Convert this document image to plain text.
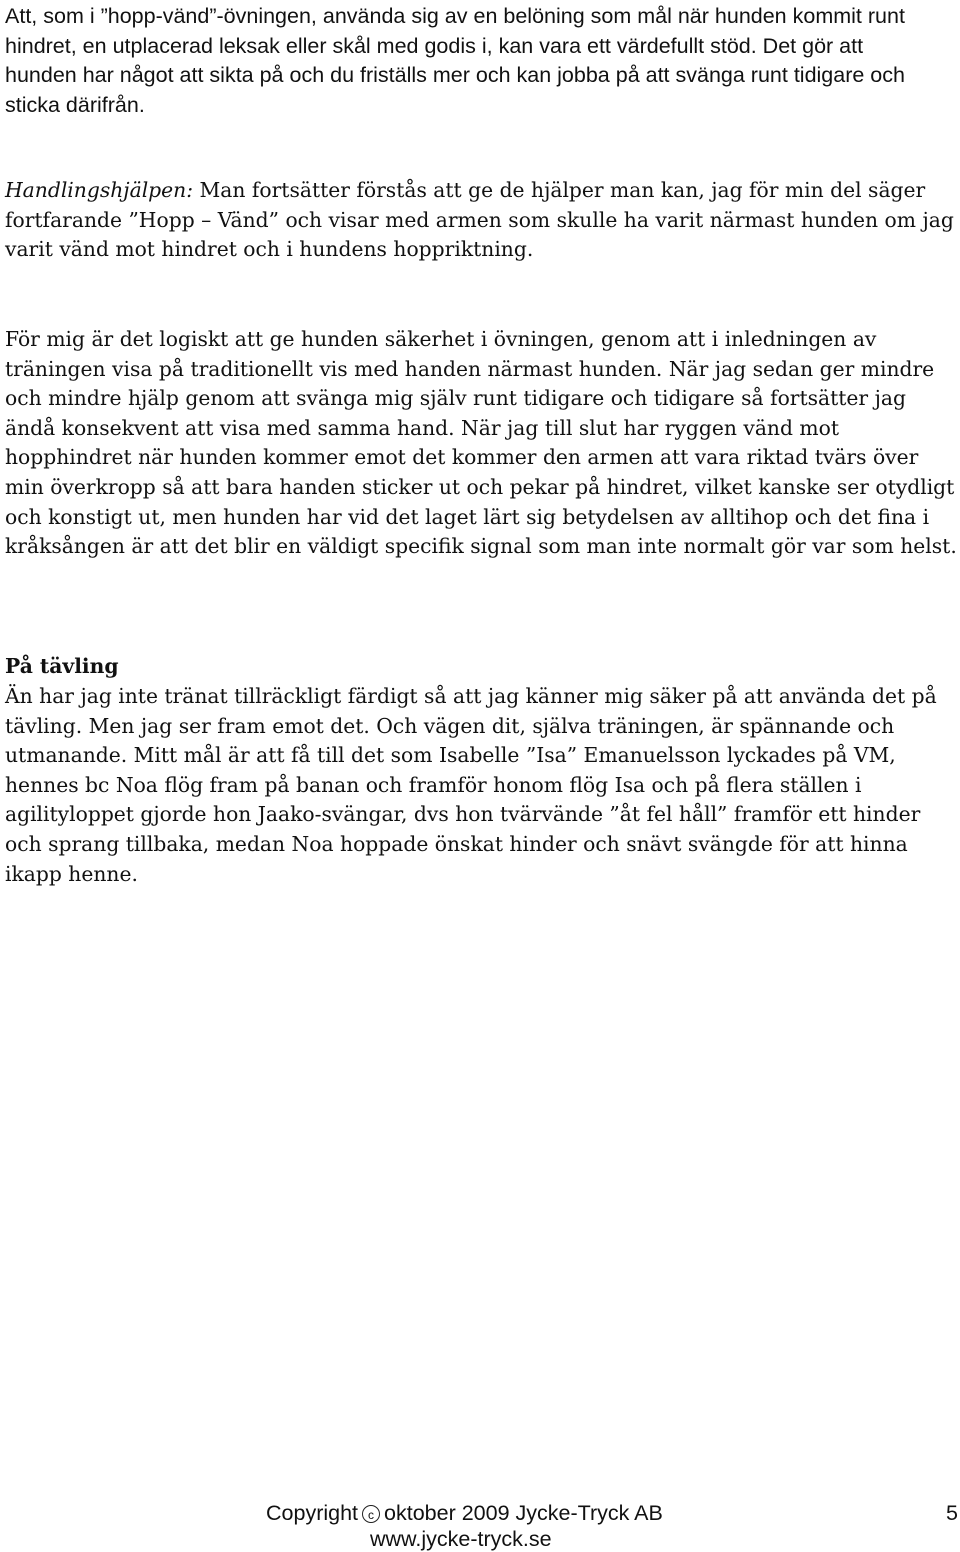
Att, som i ”hopp-vänd”-övningen, använda sig av en belöning som mål när hunden kommit runt hindret, en utplacerad leksak eller skål med godis i, kan vara ett värdefullt stöd. Det gör att hunden har något att sikta på och du friställs mer och kan jobba på att svänga runt tidigare och sticka därifrån.

Handlingshjälpen: Man fortsätter förstås att ge de hjälper man kan, jag för min del säger fortfarande ”Hopp – Vänd” och visar med armen som skulle ha varit närmast hunden om jag varit vänd mot hindret och i hundens hoppriktning.

För mig är det logiskt att ge hunden säkerhet i övningen, genom att i inledningen av träningen visa på traditionellt vis med handen närmast hunden. När jag sedan ger mindre och mindre hjälp genom att svänga mig själv runt tidigare och tidigare så fortsätter jag ändå konsekvent att visa med samma hand. När jag till slut har ryggen vänd mot hopphindret när hunden kommer emot det kommer den armen att vara riktad tvärs över min överkropp så att bara handen sticker ut och pekar på hindret, vilket kanske ser otydligt och konstigt ut, men hunden har vid det laget lärt sig betydelsen av alltihop och det fina i kråksången är att det blir en väldigt specifik signal som man inte normalt gör var som helst.

På tävling

Än har jag inte tränat tillräckligt färdigt så att jag känner mig säker på att använda det på tävling. Men jag ser fram emot det. Och vägen dit, själva träningen, är spännande och utmanande. Mitt mål är att få till det som Isabelle ”Isa” Emanuelsson lyckades på VM, hennes bc Noa flög fram på banan och framför honom flög Isa och på flera ställen i agilityloppet gjorde hon Jaako-svängar, dvs hon tvärvände ”åt fel håll” framför ett hinder och sprang tillbaka, medan Noa hoppade önskat hinder och snävt svängde för att hinna ikapp henne.

Copyright c oktober 2009 Jycke-Tryck AB
www.jycke-tryck.se
5
